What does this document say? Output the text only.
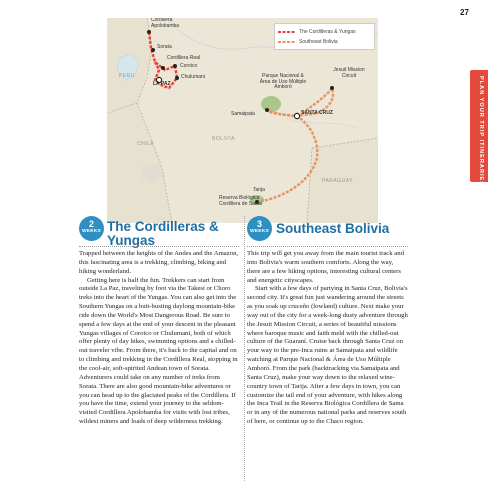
27
PLAN YOUR TRIP ITINERARIES
The Cordilleras & Yungas
Southeast Bolivia
PERU
BOLIVIA
CHILE
PARAGUAY
Cordillera Apolobamba
Sorata
Cordillera Real
Coroico
Chulumani
LA PAZ
Parque Nacional & Área de Uso Múltiple Amboró
Jesuit Mission Circuit
Samaipata	SANTA CRUZ
Reserva Biológica Cordillera de Sama
Tarija
2
WEEKS The Cordilleras & Yungas

Trapped between the heights of the Andes and the Amazon, this fascinating area is a trekking, climbing, biking and hiking wonderland.

Getting here is half the fun. Trekkers can start from outside La Paz, traveling by foot via the Takesi or Choro treks into the heart of the Yungas. You can also get into the Southern Yungas on a butt-busting daylong mountain-bike ride down the World's Most Dangerous Road. Be sure to spend a few days at the end of your descent in the pleasant Yungas villages of Coroico or Chulumani, both of which offer plenty of day hikes, swimming options and a chilled-out traveler vibe. From there, it's back to the capital and on to climbing and trekking in the Cordillera Real, stopping in the cool-air, soft-spirited Andean town of Sorata. Adventurers could take on any number of treks from Sorata. There are also good mountain-bike adventures or you can head up to the glaciated peaks of the Cordillera. If you have the time, extend your journey to the seldom-visited Cordillera Apolobamba for visits with lost tribes, wildest miners and loads of deep wilderness trekking.

3
WEEKS Southeast Bolivia

This trip will get you away from the main tourist track and into Bolivia's warm southern comforts. Along the way, there are a few hiking options, interesting cultural centers and energetic cityscapes.

Start with a few days of partying in Santa Cruz, Bolivia's second city. It's great fun just wandering around the streets as you soak up cruceño (lowland) culture. Next make your way out of the city for a week-long dusty adventure through the Jesuit Mission Circuit, a series of beautiful missions where baroque music and faith meld with the chilled-out culture of the Guaraní. Cruise back through Santa Cruz on your way to the pre-Inca ruins at Samaipata and wildlife watching at Parque Nacional & Área de Uso Múltiple Amboró. From the park (backtracking via Samaipata and Santa Cruz), make your way down to the relaxed wine-country town of Tarija. After a few days in town, you can customize the tail end of your adventure, with hikes along the Inca Trail in the Reserva Biológica Cordillera de Sama or in any of the numerous national parks and reserves south of here, or continue up to the Chaco region.
